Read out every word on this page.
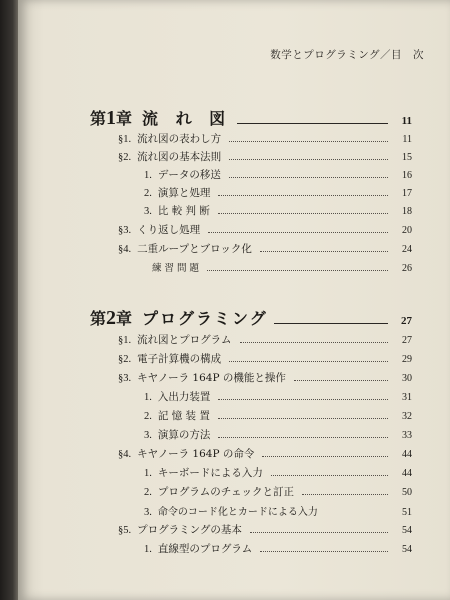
数学とプログラミング／目　次
第1章 流 れ 図	11
§1. 流れ図の表わし方	11
§2. 流れ図の基本法則	15
1. データの移送	16
2. 演算と処理	17
3. 比 較 判 断	18
§3. くり返し処理	20
§4. 二重ループとブロック化	24
練 習 問 題	26
第2章 プログラミング	27
§1. 流れ図とプログラム	27
§2. 電子計算機の構成	29
§3. キヤノーラ 164P の機能と操作	30
1. 入出力装置	31
2. 記 憶 装 置	32
3. 演算の方法	33
§4. キヤノーラ 164P の命令	44
1. キーボードによる入力	44
2. プログラムのチェックと訂正	50
3. 命令のコード化とカードによる入力	51
§5. プログラミングの基本	54
1. 直線型のプログラム	54
